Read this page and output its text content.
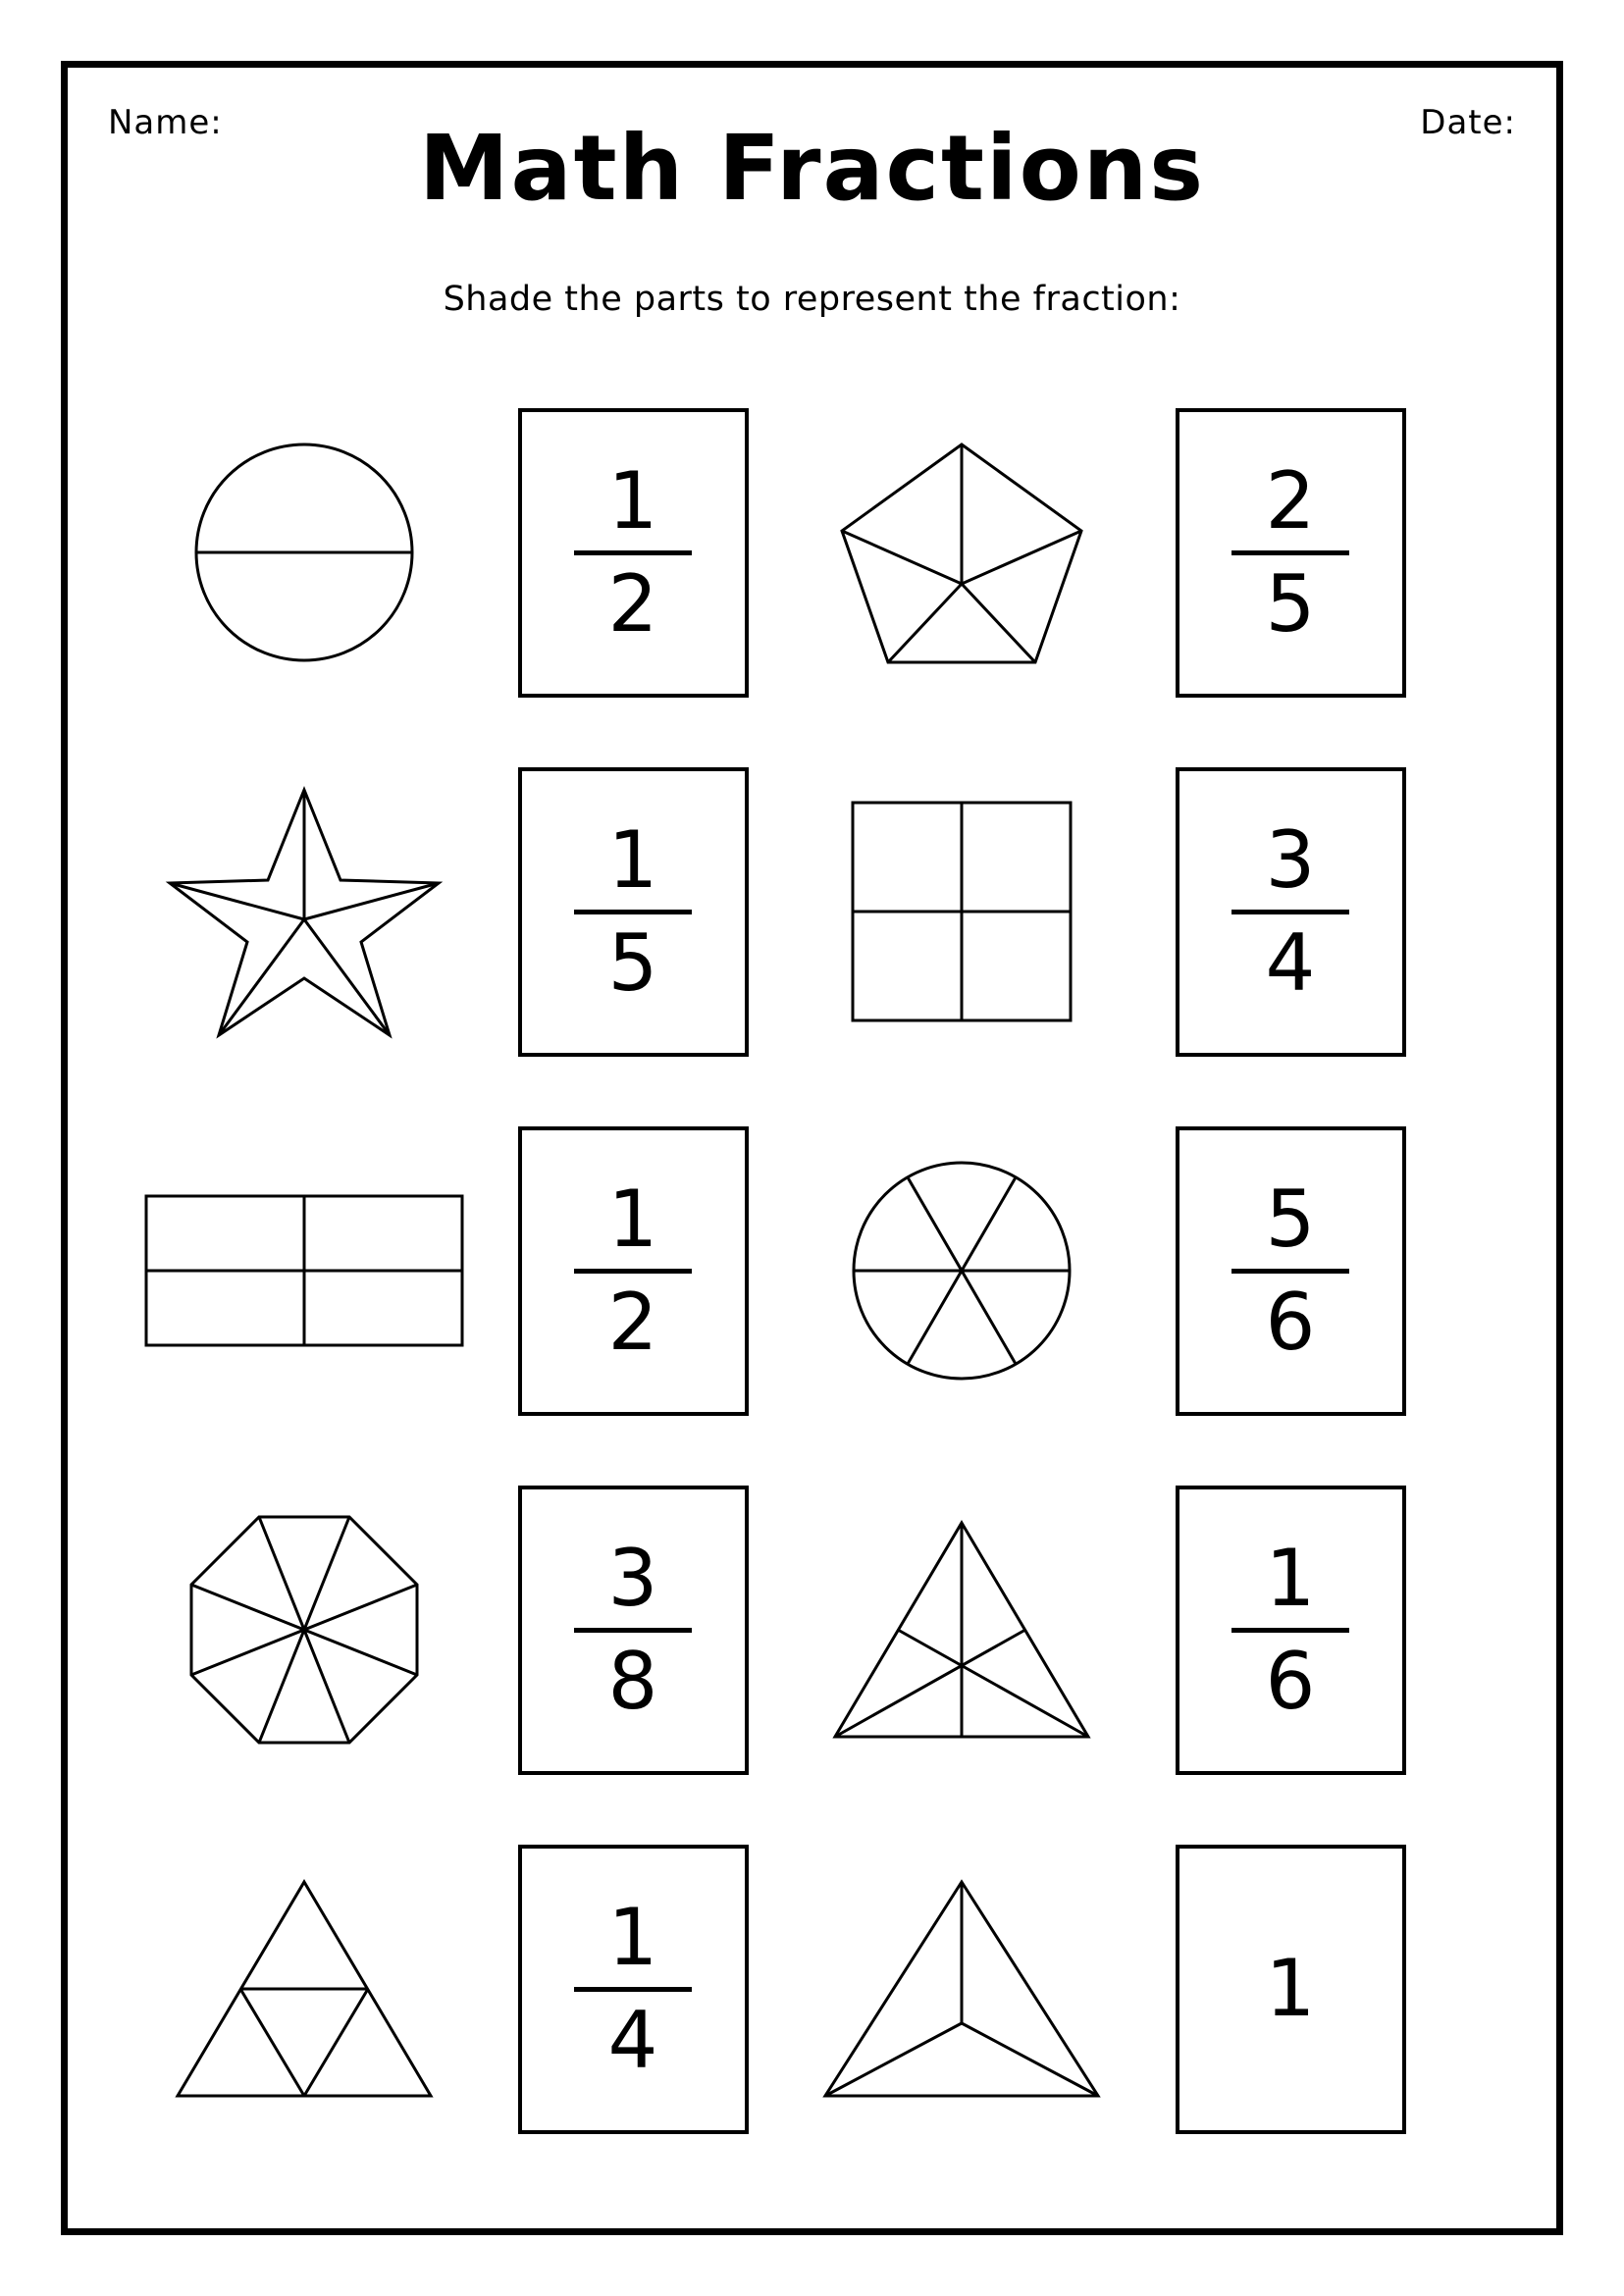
Name:	Date:
Math Fractions
Shade the parts to represent the fraction:
1
2
2
5
1
5
3
4
1
2
5
6
3
8
1
6
1
4
1
